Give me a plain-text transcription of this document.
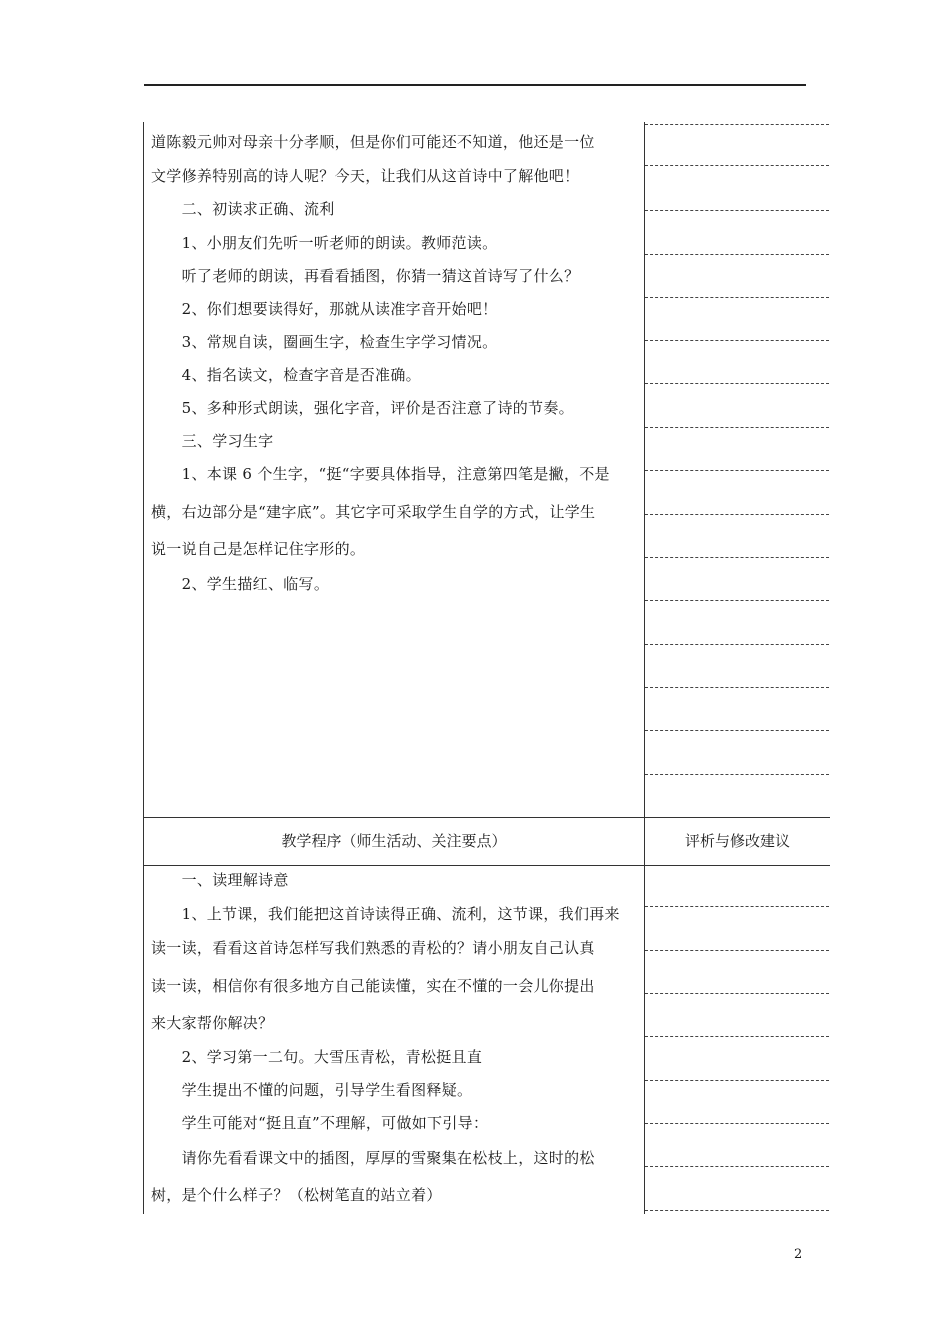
道陈毅元帅对母亲十分孝顺，但是你们可能还不知道，他还是一位
文学修养特别高的诗人呢？今天，让我们从这首诗中了解他吧！
　　二、初读求正确、流利
　　1、小朋友们先听一听老师的朗读。教师范读。
　　听了老师的朗读，再看看插图，你猜一猜这首诗写了什么？
　　2、你们想要读得好，那就从读准字音开始吧！
　　3、常规自读，圈画生字，检查生字学习情况。
　　4、指名读文，检查字音是否准确。
　　5、多种形式朗读，强化字音，评价是否注意了诗的节奏。
　　三、学习生字
　　1、本课 6 个生字，“挺“字要具体指导，注意第四笔是撇，不是
横，右边部分是“建字底”。其它字可采取学生自学的方式，让学生
说一说自己是怎样记住字形的。
　　2、学生描红、临写。
教学程序（师生活动、关注要点）	评析与修改建议
　　一、读理解诗意
　　1、上节课，我们能把这首诗读得正确、流利，这节课，我们再来
读一读，看看这首诗怎样写我们熟悉的青松的？请小朋友自己认真
读一读，相信你有很多地方自己能读懂，实在不懂的一会儿你提出
来大家帮你解决？
　　2、学习第一二句。大雪压青松，青松挺且直
　　学生提出不懂的问题，引导学生看图释疑。
　　学生可能对“挺且直”不理解，可做如下引导：
　　请你先看看课文中的插图，厚厚的雪聚集在松枝上，这时的松
树，是个什么样子？（松树笔直的站立着）
2
